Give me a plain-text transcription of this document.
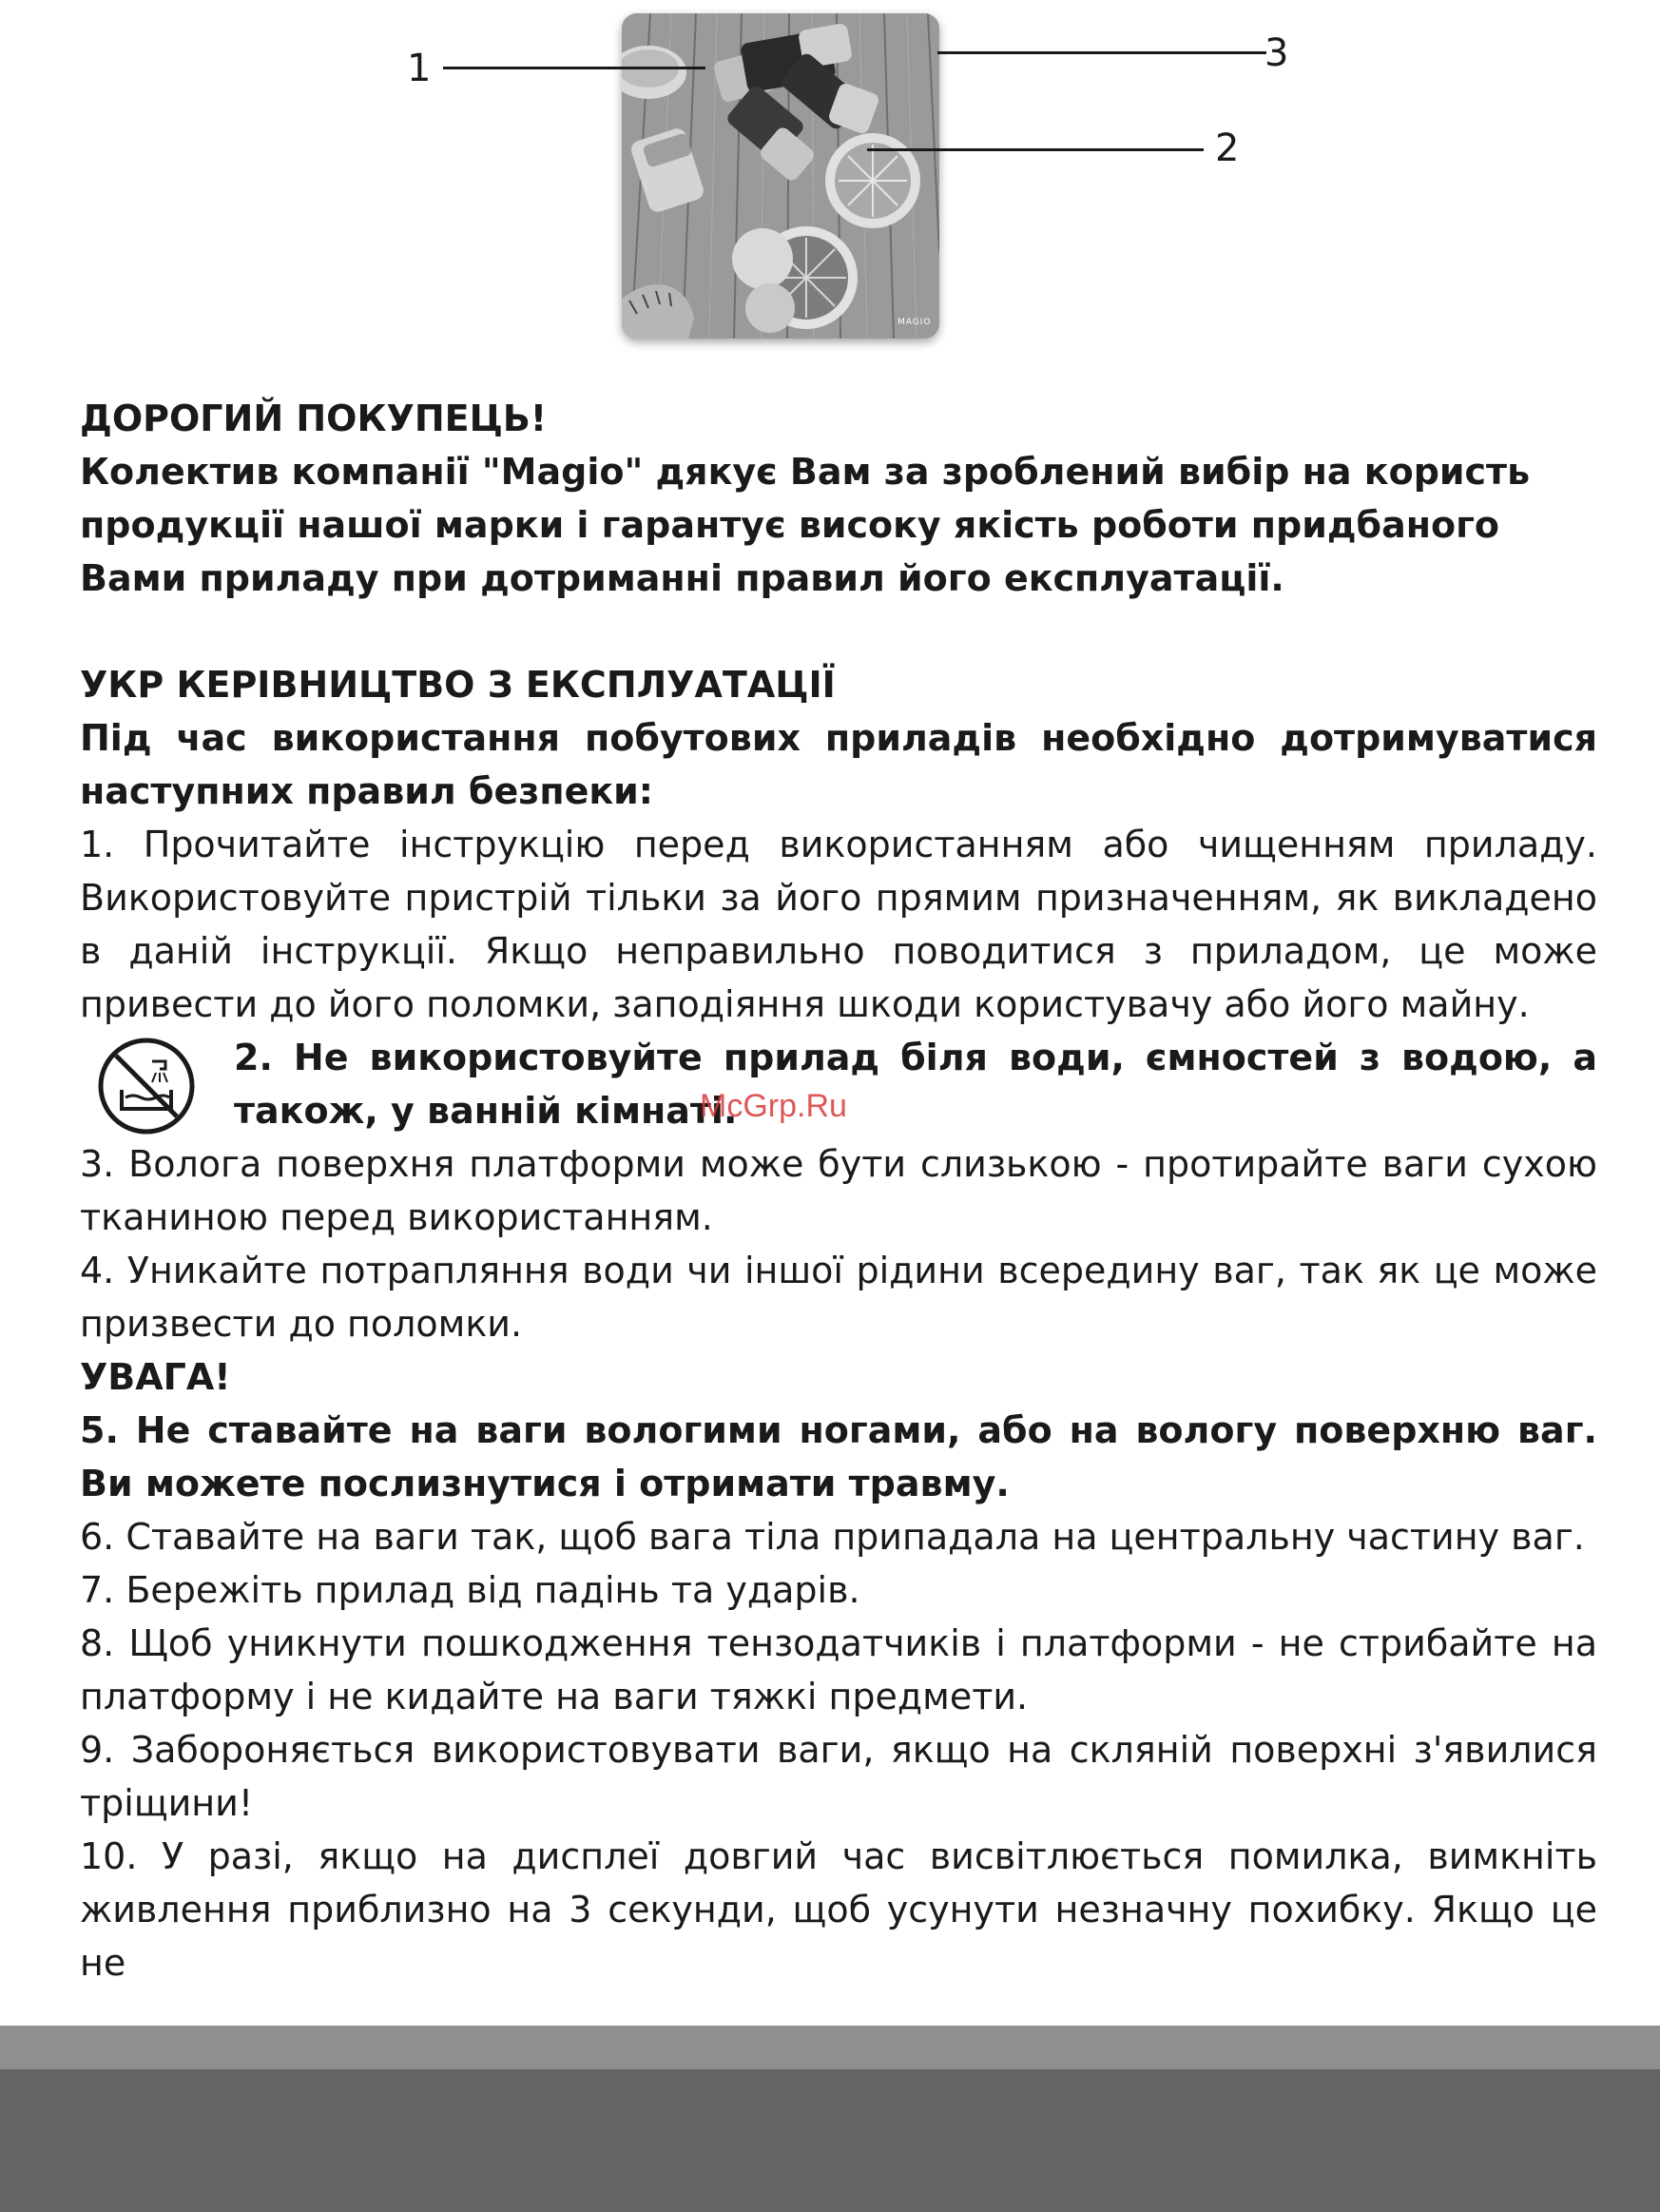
MAGIO
1	3
2
ДОРОГИЙ ПОКУПЕЦЬ!
Колектив компанії "Magio" дякує Вам за зроблений вибір на користь
продукції нашої марки і гарантує високу якість роботи придбаного
Вами приладу при дотриманні правил його експлуатації.
УКР КЕРІВНИЦТВО З ЕКСПЛУАТАЦІЇ

Під час використання побутових приладів необхідно дотримуватися наступних правил безпеки:

1. Прочитайте інструкцію перед використанням або чищенням приладу. Використовуйте пристрій тільки за його прямим призначенням, як викладено в даній інструкції. Якщо неправильно поводитися з приладом, це може привести до його поломки, заподіяння шкоди користувачу або його майну.

2. Не використовуйте прилад біля води, ємностей з водою, а також, у ванній кімнаті.

3. Волога поверхня платформи може бути слизькою - протирайте ваги сухою тканиною перед використанням.

4. Уникайте потрапляння води чи іншої рідини всередину ваг, так як це може призвести до поломки.

УВАГА!

5. Не ставайте на ваги вологими ногами, або на вологу поверхню ваг. Ви можете послизнутися і отримати травму.

6. Ставайте на ваги так, щоб вага тіла припадала на центральну частину ваг.

7. Бережіть прилад від падінь та ударів.

8. Щоб уникнути пошкодження тензодатчиків і платформи - не стрибайте на платформу і не кидайте на ваги тяжкі предмети.

9. Забороняється використовувати ваги, якщо на скляній поверхні з'явилися тріщини!

10. У разі, якщо на дисплеї довгий час висвітлюється помилка, вимкніть живлення приблизно на 3 секунди, щоб усунути незначну похибку. Якщо це не

McGrp.Ru
